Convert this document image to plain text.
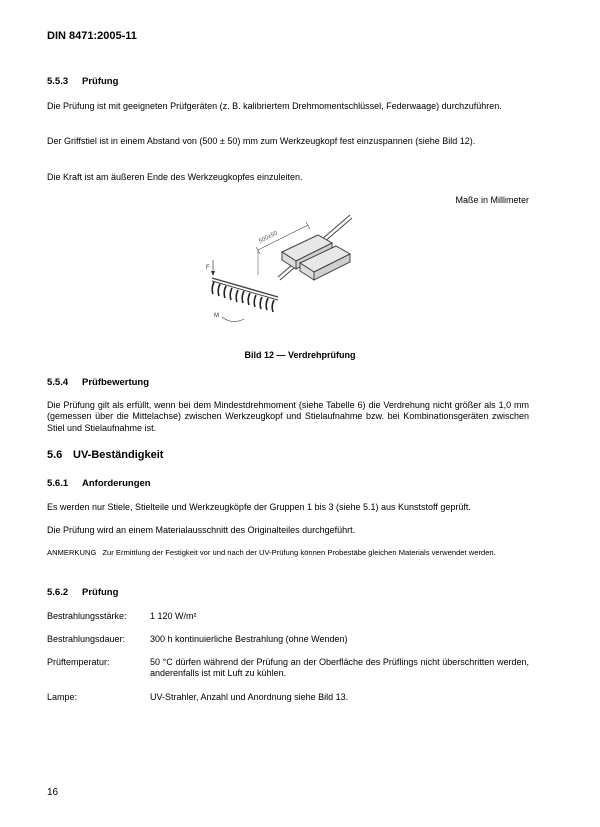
DIN 8471:2005-11
5.5.3 Prüfung
Die Prüfung ist mit geeigneten Prüfgeräten (z. B. kalibriertem Drehmomentschlüssel, Federwaage) durchzuführen.
Der Griffstiel ist in einem Abstand von (500 ± 50) mm zum Werkzeugkopf fest einzuspannen (siehe Bild 12).
Die Kraft ist am äußeren Ende des Werkzeugkopfes einzuleiten.
Maße in Millimeter
500±50
F
M
Bild 12 — Verdrehprüfung
5.5.4 Prüfbewertung
Die Prüfung gilt als erfüllt, wenn bei dem Mindestdrehmoment (siehe Tabelle 6) die Verdrehung nicht größer als 1,0 mm (gemessen über die Mittelachse) zwischen Werkzeugkopf und Stielaufnahme bzw. bei Kombinationsgeräten zwischen Stiel und Stielaufnahme ist.
5.6 UV-Beständigkeit
5.6.1 Anforderungen
Es werden nur Stiele, Stielteile und Werkzeugköpfe der Gruppen 1 bis 3 (siehe 5.1) aus Kunststoff geprüft.
Die Prüfung wird an einem Materialausschnitt des Originalteiles durchgeführt.
ANMERKUNG Zur Ermittlung der Festigkeit vor und nach der UV-Prüfung können Probestäbe gleichen Materials verwendet werden.
5.6.2 Prüfung
Bestrahlungsstärke:	1 120 W/m²
Bestrahlungsdauer:	300 h kontinuierliche Bestrahlung (ohne Wenden)
Prüftemperatur:	50 °C dürfen während der Prüfung an der Oberfläche des Prüflings nicht überschritten werden, anderenfalls ist mit Luft zu kühlen.
Lampe:	UV-Strahler, Anzahl und Anordnung siehe Bild 13.
16
